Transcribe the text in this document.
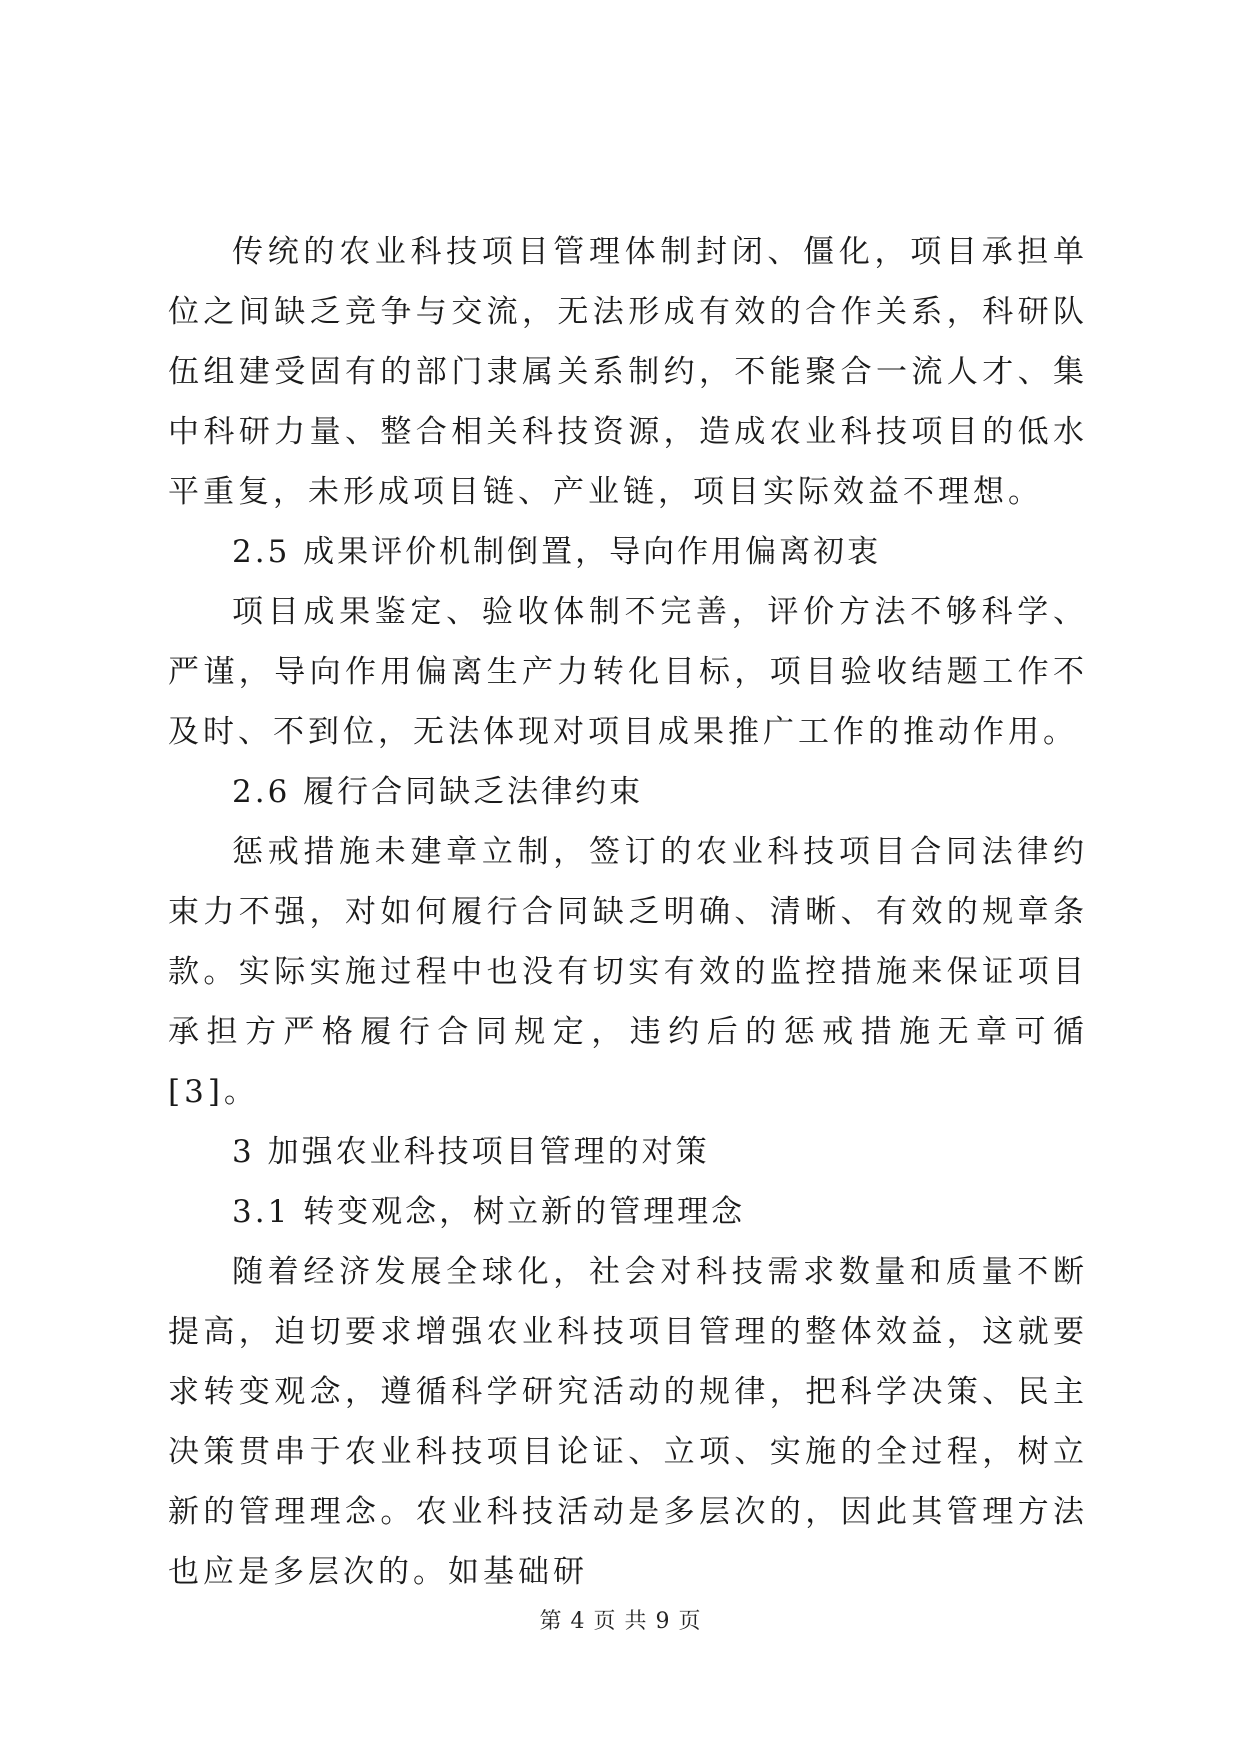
传统的农业科技项目管理体制封闭、僵化，项目承担单位之间缺乏竞争与交流，无法形成有效的合作关系，科研队伍组建受固有的部门隶属关系制约，不能聚合一流人才、集中科研力量、整合相关科技资源，造成农业科技项目的低水平重复，未形成项目链、产业链，项目实际效益不理想。

2.5 成果评价机制倒置，导向作用偏离初衷

项目成果鉴定、验收体制不完善，评价方法不够科学、严谨，导向作用偏离生产力转化目标，项目验收结题工作不及时、不到位，无法体现对项目成果推广工作的推动作用。

2.6 履行合同缺乏法律约束

惩戒措施未建章立制，签订的农业科技项目合同法律约束力不强，对如何履行合同缺乏明确、清晰、有效的规章条款。实际实施过程中也没有切实有效的监控措施来保证项目承担方严格履行合同规定，违约后的惩戒措施无章可循[3]。

3 加强农业科技项目管理的对策

3.1 转变观念，树立新的管理理念

随着经济发展全球化，社会对科技需求数量和质量不断提高，迫切要求增强农业科技项目管理的整体效益，这就要求转变观念，遵循科学研究活动的规律，把科学决策、民主决策贯串于农业科技项目论证、立项、实施的全过程，树立新的管理理念。农业科技活动是多层次的，因此其管理方法也应是多层次的。如基础研

第 4 页 共 9 页
